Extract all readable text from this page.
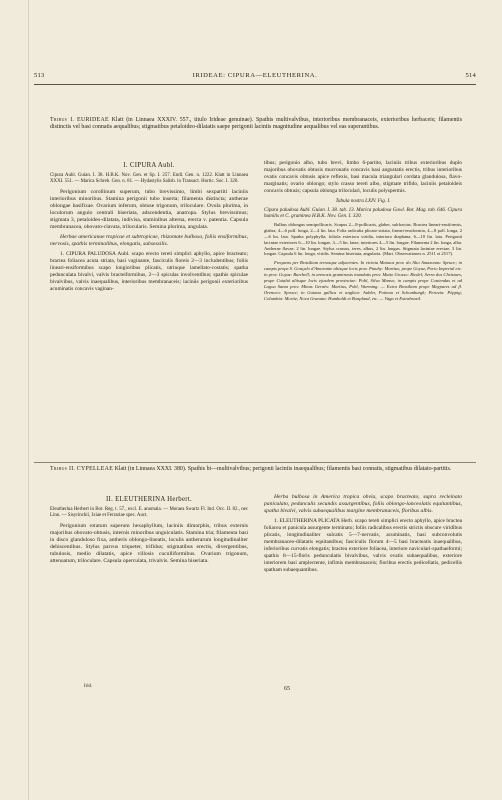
513	IRIDEAE: CIPURA—ELEUTHERINA.	514
Tribus I. EURIDEAE Klatt (in Linnaea XXXIV. 557., titulo Irideae genuinae). Spathis multivalvibus, interioribus membranaceis, exterioribus herbaceis; filamentis distinctis vel basi connatis aequalibus; stigmatibus petaloideo-dilatatis saepe perigonii laciniis magnitudine aequalibus vel eas superantibus.
I. CIPURA Aubl.

Cipura Aubl. Guian. I. 38. H.B.K. Nov. Gen. et Sp. I. 257. Endl. Gen. n. 1222. Klatt in Linnaea XXXI. 551. — Marica Schreb. Gen. n. 81. — Hydastylis Salisb. in Transact. Hortic. Soc. I. 320.

Perigonium corollinum superum, tubo brevissimo, limbi sexpartiti laciniis interioribus minoribus. Stamina perigonii tubo inserta; filamenta distincta; antherae oblongae basifixae. Ovarium inferum, obtuse trigonum, triloculare. Ovula plurima, in loculorum angulo centrali biseriata, adscendentia, anatropa. Stylus brevissimus; stigmata 3, petaloideo-dilatata, indivisa, staminibus alterna, erecta v. patentia. Capsula membranacea, obovato-clavata, trilocularis. Semina plurima, angulata.

Herbae americanae tropicae et subtropicae, rhizomate bulboso, foliis ensiformibus, nervosis, spathis terminalibus, elongatis, subsessilis.

1. CIPURA PALUDOSA Aubl. scapo erecto tereti simplici aphyllo, apice bracteato; bractea foliacea acuta striata, basi vaginante, fasciculis floreis 2—3 includentibus; foliis lineari-ensiformibus scapo longioribus plicatis, utrinque lamellato-costatis; spatha pedunculata bivalvi, valvis bracteiformibus, 2—3 spiculas involventibus; spathis spiculae bivalvibus, valvis inaequalibus, interioribus membranaceis; laciniis perigonii exterioribus acuminatis concavis vaginan-

tibus; perigonio albo, tubo brevi, limbo 6-partito, laciniis tribus exterioribus duplo majoribus obovatis obtusis mucronatis concavis basi angustatis erectis, tribus interioribus ovatis concavis obtusis apice reflexis, basi macula triangulari cordata glandulosa, flavo-marginatis; ovario oblongo; stylo crasso tereti albo, stigmate trifido, laciniis petaloideis concavis obtusis; capsula oblonga triloculari, loculis polyspermis.

Tabula nostra LXIV. Fig. I.

Cipura paludosa Aubl. Guian. I. 38. tab. 13. Marica paludosa Gawl. Bot. Mag. tab. 646. Cipura humilis et C. graminea H.B.K. Nov. Gen. I. 320.

Bulbus oblongus semipollicaris. Scapus 2—8-pollicaris, glaber, subfractus. Bractea lineari-ensiformis, glabra, 4—6 poll. longa, 2—4 lin. lata. Folia radicalia plicato-striata, lineari-ensiformia, 4—8 poll. longa, 2—6 lin. lata. Spatha polyphylla; foliola exteriora viridia, interiora diaphana, 6—10 lin. lata. Perigonii laciniae exteriores 6—10 lin. longae, 3—5 lin. latae, interiores 4—5 lin. longae. Filamenta 2 lin. longa, alba. Antherae flavae, 2 lin. longae. Stylus crassus, teres, albus, 2 lin. longus. Stigmata laciniae erectae, 3 lin. longae. Capsula 6 lin. longa, viridis. Semina biseriata, angularia. (Mart. Observationes n. 2511 et 2517).

Frequens per Brasiliam terrasque adjacentes. In vicinia Manaos prov. do Alto Amazonas: Spruce; in campis prope S. Gonçalo d'Amarante aliisque locis prov. Piauhy: Martius; prope Goyaz, Porto Imperial etc. in prov. Goyaz: Burchell; in arenosis graminosis inundatis prov. Matto Grosso: Riedel; Serra dos Christaes, prope Cuiabá aliisque locis ejusdem provinciae: Pohl, Silva Manso; in campis prope Contendas et ad Lagoa Santa prov. Minas Geraës: Martius, Pohl, Warming. — Extra Brasiliam prope Maypures ad fl. Orenoco: Spruce; in Guiana gallica et anglica: Aublet, Poiteau et Schomburgk; Peruvia: Pöppig; Columbia: Moritz; Nova Granata: Humboldt et Bonpland, etc. — Vaga et Extrabrasil.

Tribus II. CYPELLEAE Klatt (in Linnaea XXXI. 380). Spathis bi—multivalvibus; perigonii laciniis inaequalibus; filamentis basi connatis, stigmatibus dilatato-partitis.
II. ELEUTHERINA Herbert.

Eleutherina Herbert in Bot. Reg. t. 57., excl. E. anomala. — Moraea Swartz Fl. Ind. Occ. II. 82., nec Linn. — Sisyrinchii, Ixiae et Ferrariae spec. Auct.

Perigonium rotatum superum hexaphyllum, laciniis dimorphis, tribus externis majoribus obovato-obtusis, internis minoribus unguiculatis. Stamina tria; filamenta basi in disco glanduloso fixa, antheris oblongo-lineatis, loculis antherarum longitudinaliter dehiscentibus. Stylus parvus triqueter, trifidus; stigmatibus erectis, divergentibus, tubulosis, medio dilatatis, apice villosis cuculliformibus. Ovarium trigonum, attenuatum, triloculare. Capsula operculata, trivalvis. Semina biseriata.

Irid.

Herba bulbosa in America tropica obvia, scapo bracteato, supra recleinato paniculato, pedunculis secundis assurgentibus, foliis oblongo-lanceolatis equitantibus, spatha bivalvi, valvis subaequalibus margine membranaceis, floribus albis.

1. ELEUTHERINA PLICATA Herb. scapo tereti simplici erecto aphyllo, apice bractea foliacea et panicula assurgente terminato; foliis radicalibus erectis strictis obscure viridibus plicatis, longitudinaliter sulcatis 5—7-nervatis, acuminatis, basi subconvolutis membranaceo-dilatatis equitantibus; fasciculis florum 4—5 basi bracteatis inaequalibus, inferioribus curvatis elongatis; bractea exteriore foliacea, interiore naviculari-spathaeformi; spathis 8—15-floris pedunculatis bivalvibus, valvis ovatis subaequalibus, exteriore interiorem basi amplectente, infimis membranaceis; floribus erectis pedicellatis, pedicellis spatham subaequantibus.

65
